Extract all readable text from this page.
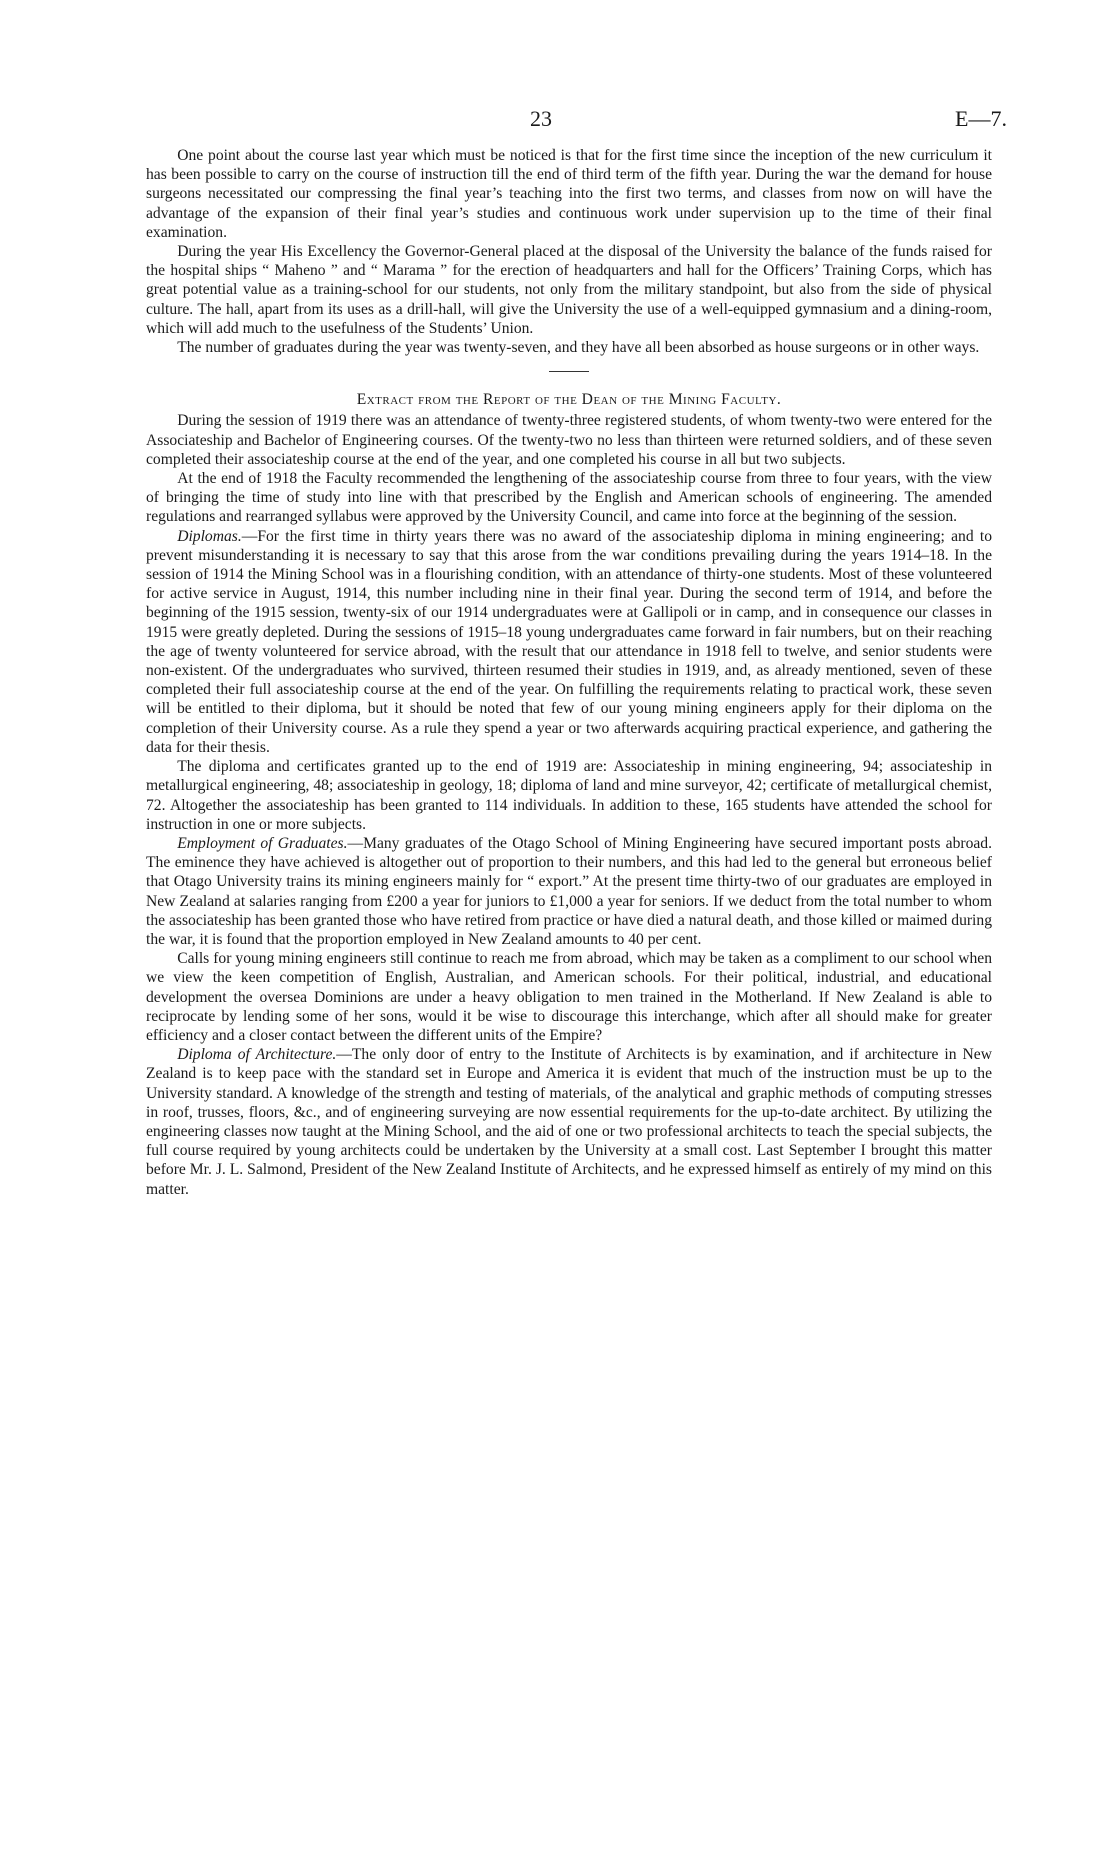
23	E—7.

One point about the course last year which must be noticed is that for the first time since the inception of the new curriculum it has been possible to carry on the course of instruction till the end of third term of the fifth year. During the war the demand for house surgeons necessitated our compressing the final year’s teaching into the first two terms, and classes from now on will have the advantage of the expansion of their final year’s studies and continuous work under supervision up to the time of their final examination.

During the year His Excellency the Governor-General placed at the disposal of the University the balance of the funds raised for the hospital ships “ Maheno ” and “ Marama ” for the erection of headquarters and hall for the Officers’ Training Corps, which has great potential value as a training-school for our students, not only from the military standpoint, but also from the side of physical culture. The hall, apart from its uses as a drill-hall, will give the University the use of a well-equipped gymnasium and a dining-room, which will add much to the usefulness of the Students’ Union.

The number of graduates during the year was twenty-seven, and they have all been absorbed as house surgeons or in other ways.

Extract from the Report of the Dean of the Mining Faculty.

During the session of 1919 there was an attendance of twenty-three registered students, of whom twenty-two were entered for the Associateship and Bachelor of Engineering courses. Of the twenty-two no less than thirteen were returned soldiers, and of these seven completed their associateship course at the end of the year, and one completed his course in all but two subjects.

At the end of 1918 the Faculty recommended the lengthening of the associateship course from three to four years, with the view of bringing the time of study into line with that prescribed by the English and American schools of engineering. The amended regulations and rearranged syllabus were approved by the University Council, and came into force at the beginning of the session.

Diplomas.—For the first time in thirty years there was no award of the associateship diploma in mining engineering; and to prevent misunderstanding it is necessary to say that this arose from the war conditions prevailing during the years 1914–18. In the session of 1914 the Mining School was in a flourishing condition, with an attendance of thirty-one students. Most of these volunteered for active service in August, 1914, this number including nine in their final year. During the second term of 1914, and before the beginning of the 1915 session, twenty-six of our 1914 undergraduates were at Gallipoli or in camp, and in consequence our classes in 1915 were greatly depleted. During the sessions of 1915–18 young undergraduates came forward in fair numbers, but on their reaching the age of twenty volunteered for service abroad, with the result that our attendance in 1918 fell to twelve, and senior students were non-existent. Of the undergraduates who survived, thirteen resumed their studies in 1919, and, as already mentioned, seven of these completed their full associateship course at the end of the year. On fulfilling the requirements relating to practical work, these seven will be entitled to their diploma, but it should be noted that few of our young mining engineers apply for their diploma on the completion of their University course. As a rule they spend a year or two afterwards acquiring practical experience, and gathering the data for their thesis.

The diploma and certificates granted up to the end of 1919 are: Associateship in mining engineering, 94; associateship in metallurgical engineering, 48; associateship in geology, 18; diploma of land and mine surveyor, 42; certificate of metallurgical chemist, 72. Altogether the associateship has been granted to 114 individuals. In addition to these, 165 students have attended the school for instruction in one or more subjects.

Employment of Graduates.—Many graduates of the Otago School of Mining Engineering have secured important posts abroad. The eminence they have achieved is altogether out of proportion to their numbers, and this had led to the general but erroneous belief that Otago University trains its mining engineers mainly for “ export.” At the present time thirty-two of our graduates are employed in New Zealand at salaries ranging from £200 a year for juniors to £1,000 a year for seniors. If we deduct from the total number to whom the associateship has been granted those who have retired from practice or have died a natural death, and those killed or maimed during the war, it is found that the proportion employed in New Zealand amounts to 40 per cent.

Calls for young mining engineers still continue to reach me from abroad, which may be taken as a compliment to our school when we view the keen competition of English, Australian, and American schools. For their political, industrial, and educational development the oversea Dominions are under a heavy obligation to men trained in the Motherland. If New Zealand is able to reciprocate by lending some of her sons, would it be wise to discourage this interchange, which after all should make for greater efficiency and a closer contact between the different units of the Empire?

Diploma of Architecture.—The only door of entry to the Institute of Architects is by examination, and if architecture in New Zealand is to keep pace with the standard set in Europe and America it is evident that much of the instruction must be up to the University standard. A knowledge of the strength and testing of materials, of the analytical and graphic methods of computing stresses in roof, trusses, floors, &c., and of engineering surveying are now essential requirements for the up-to-date architect. By utilizing the engineering classes now taught at the Mining School, and the aid of one or two professional architects to teach the special subjects, the full course required by young architects could be undertaken by the University at a small cost. Last September I brought this matter before Mr. J. L. Salmond, President of the New Zealand Institute of Architects, and he expressed himself as entirely of my mind on this matter.
